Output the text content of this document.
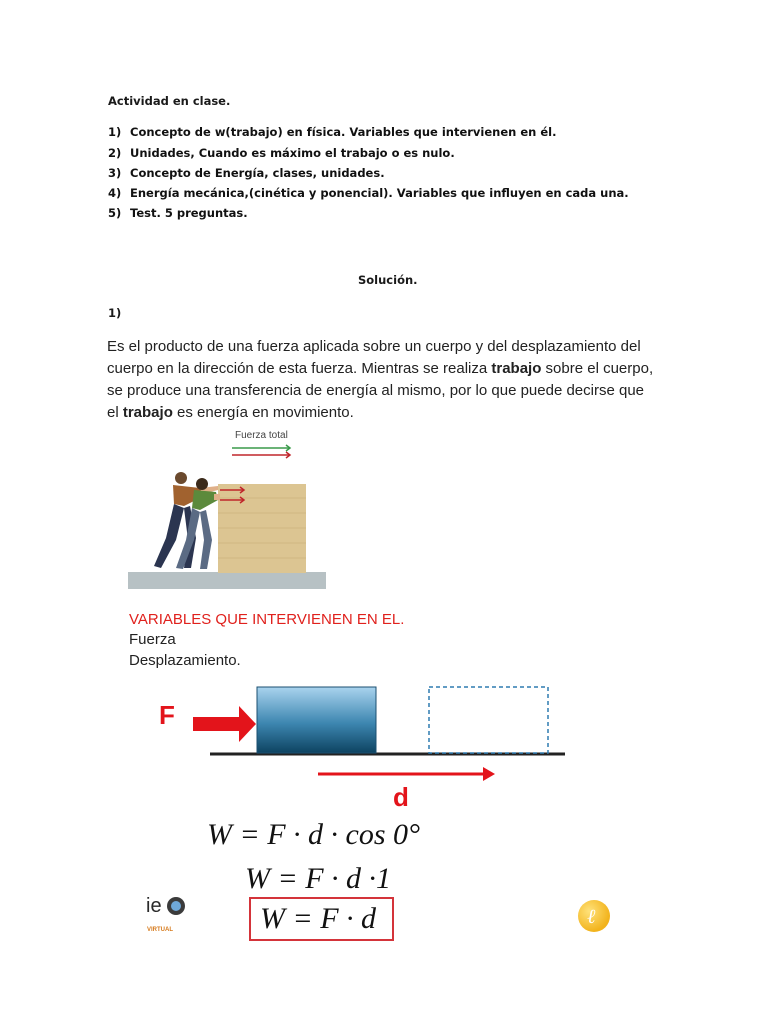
Actividad en clase.
1) Concepto de w(trabajo) en física. Variables que intervienen en él.
2) Unidades, Cuando es máximo el trabajo o es nulo.
3) Concepto de Energía, clases, unidades.
4) Energía mecánica,(cinética y ponencial). Variables que influyen en cada una.
5) Test. 5 preguntas.
Solución.
1)
Es el producto de una fuerza aplicada sobre un cuerpo y del desplazamiento del cuerpo en la dirección de esta fuerza. Mientras se realiza trabajo sobre el cuerpo, se produce una transferencia de energía al mismo, por lo que puede decirse que el trabajo es energía en movimiento.
Fuerza total
VARIABLES QUE INTERVIENEN EN EL.
Fuerza
Desplazamiento.
F
d
W = F · d · cos 0°
W = F · d ·1
W = F · d
ie
VIRTUAL
ℓ
